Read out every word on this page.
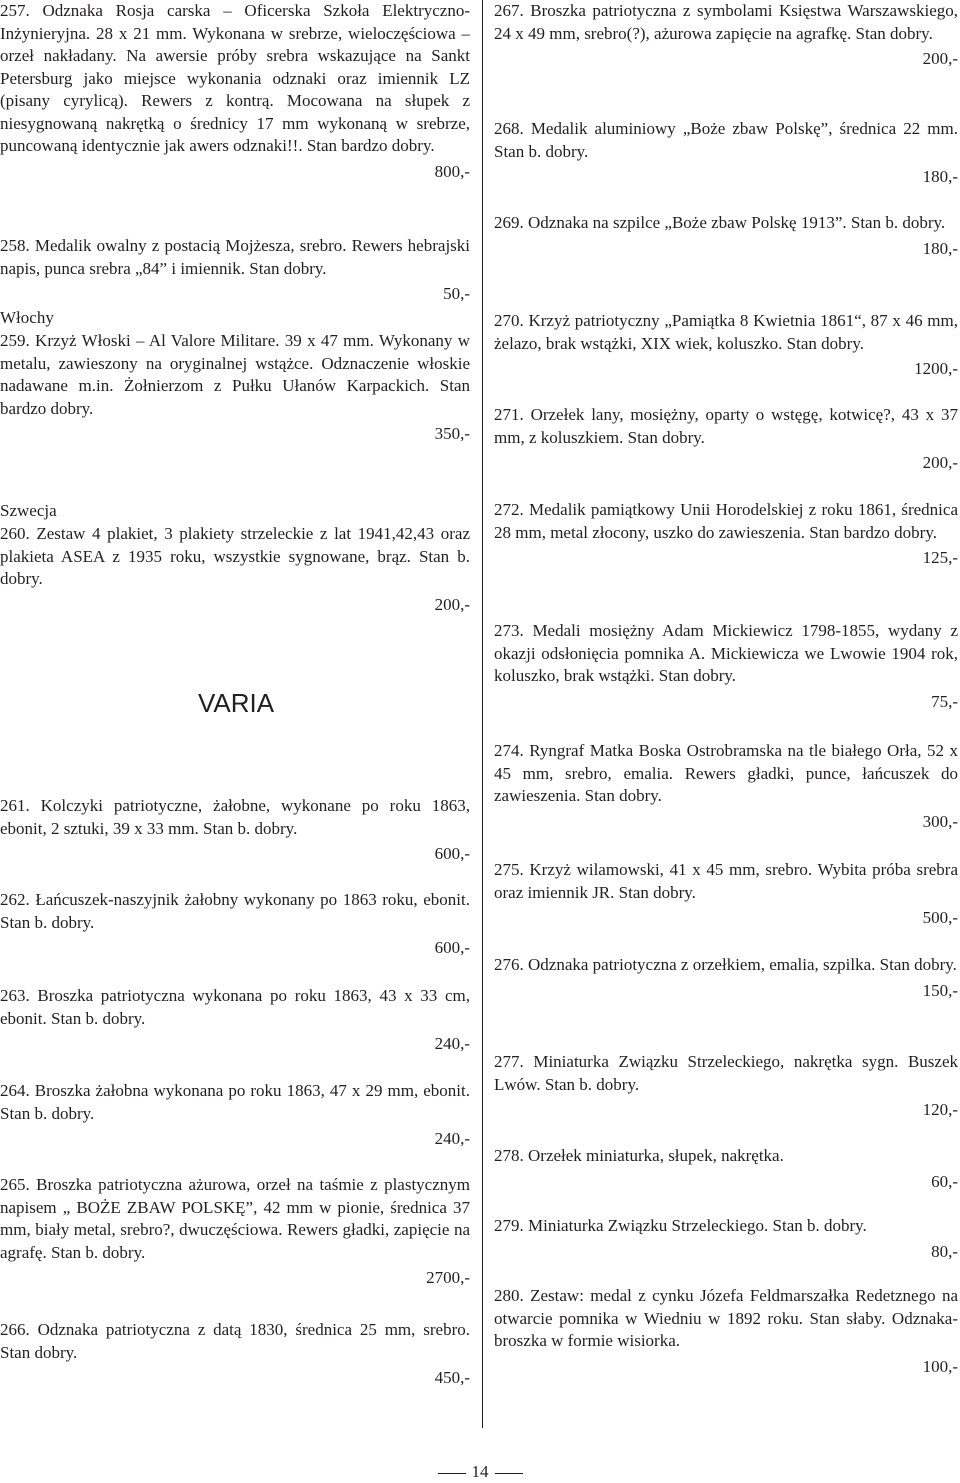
257. Odznaka Rosja carska – Oficerska Szkoła Elektryczno-Inżynieryjna. 28 x 21 mm. Wykonana w srebrze, wieloczęściowa – orzeł nakładany. Na awersie próby srebra wskazujące na Sankt Petersburg jako miejsce wykonania odznaki oraz imiennik LZ (pisany cyrylicą). Rewers z kontrą. Mocowana na słupek z niesygnowaną nakrętką o średnicy 17 mm wykonaną w srebrze, puncowaną identycznie jak awers odznaki!!. Stan bardzo dobry.

800,-

258. Medalik owalny z postacią Mojżesza, srebro. Rewers hebrajski napis, punca srebra „84” i imiennik. Stan dobry.

50,-

Włochy

259. Krzyż Włoski – Al Valore Militare. 39 x 47 mm. Wykonany w metalu, zawieszony na oryginalnej wstążce. Odznaczenie włoskie nadawane m.in. Żołnierzom z Pułku Ułanów Karpackich. Stan bardzo dobry.

350,-

Szwecja

260. Zestaw 4 plakiet, 3 plakiety strzeleckie z lat 1941,42,43 oraz plakieta ASEA z 1935 roku, wszystkie sygnowane, brąz. Stan b. dobry.

200,-

VARIA

261. Kolczyki patriotyczne, żałobne, wykonane po roku 1863, ebonit, 2 sztuki, 39 x 33 mm. Stan b. dobry.

600,-

262. Łańcuszek-naszyjnik żałobny wykonany po 1863 roku, ebonit. Stan b. dobry.

600,-

263. Broszka patriotyczna wykonana po roku 1863, 43 x 33 cm, ebonit. Stan b. dobry.

240,-

264. Broszka żałobna wykonana po roku 1863, 47 x 29 mm, ebonit. Stan b. dobry.

240,-

265. Broszka patriotyczna ażurowa, orzeł na taśmie z plastycznym napisem „ BOŻE ZBAW POLSKĘ”, 42 mm w pionie, średnica 37 mm, biały metal, srebro?, dwuczęściowa. Rewers gładki, zapięcie na agrafę. Stan b. dobry.

2700,-

266. Odznaka patriotyczna z datą 1830, średnica 25 mm, srebro. Stan dobry.

450,-

267. Broszka patriotyczna z symbolami Księstwa Warszawskiego, 24 x 49 mm, srebro(?), ażurowa zapięcie na agrafkę. Stan dobry.

200,-

268. Medalik aluminiowy „Boże zbaw Polskę”, średnica 22 mm. Stan b. dobry.

180,-

269. Odznaka na szpilce „Boże zbaw Polskę 1913”. Stan b. dobry.

180,-

270. Krzyż patriotyczny „Pamiątka 8 Kwietnia 1861“, 87 x 46 mm, żelazo, brak wstążki, XIX wiek, koluszko. Stan dobry.

1200,-

271. Orzełek lany, mosiężny, oparty o wstęgę, kotwicę?, 43 x 37 mm, z koluszkiem. Stan dobry.

200,-

272. Medalik pamiątkowy Unii Horodelskiej z roku 1861, średnica 28 mm, metal złocony, uszko do zawieszenia. Stan bardzo dobry.

125,-

273. Medali mosiężny Adam Mickiewicz 1798-1855, wydany z okazji odsłonięcia pomnika A. Mickiewicza we Lwowie 1904 rok, koluszko, brak wstążki. Stan dobry.

75,-

274. Ryngraf Matka Boska Ostrobramska na tle białego Orła, 52 x 45 mm, srebro, emalia. Rewers gładki, punce, łańcuszek do zawieszenia. Stan dobry.

300,-

275. Krzyż wilamowski, 41 x 45 mm, srebro. Wybita próba srebra oraz imiennik JR. Stan dobry.

500,-

276. Odznaka patriotyczna z orzełkiem, emalia, szpilka. Stan dobry.

150,-

277. Miniaturka Związku Strzeleckiego, nakrętka sygn. Buszek Lwów. Stan b. dobry.

120,-

278. Orzełek miniaturka, słupek, nakrętka.

60,-

279. Miniaturka Związku Strzeleckiego. Stan b. dobry.

80,-

280. Zestaw: medal z cynku Józefa Feldmarszałka Redetznego na otwarcie pomnika w Wiedniu w 1892 roku. Stan słaby. Odznaka-broszka w formie wisiorka.

100,-

14
